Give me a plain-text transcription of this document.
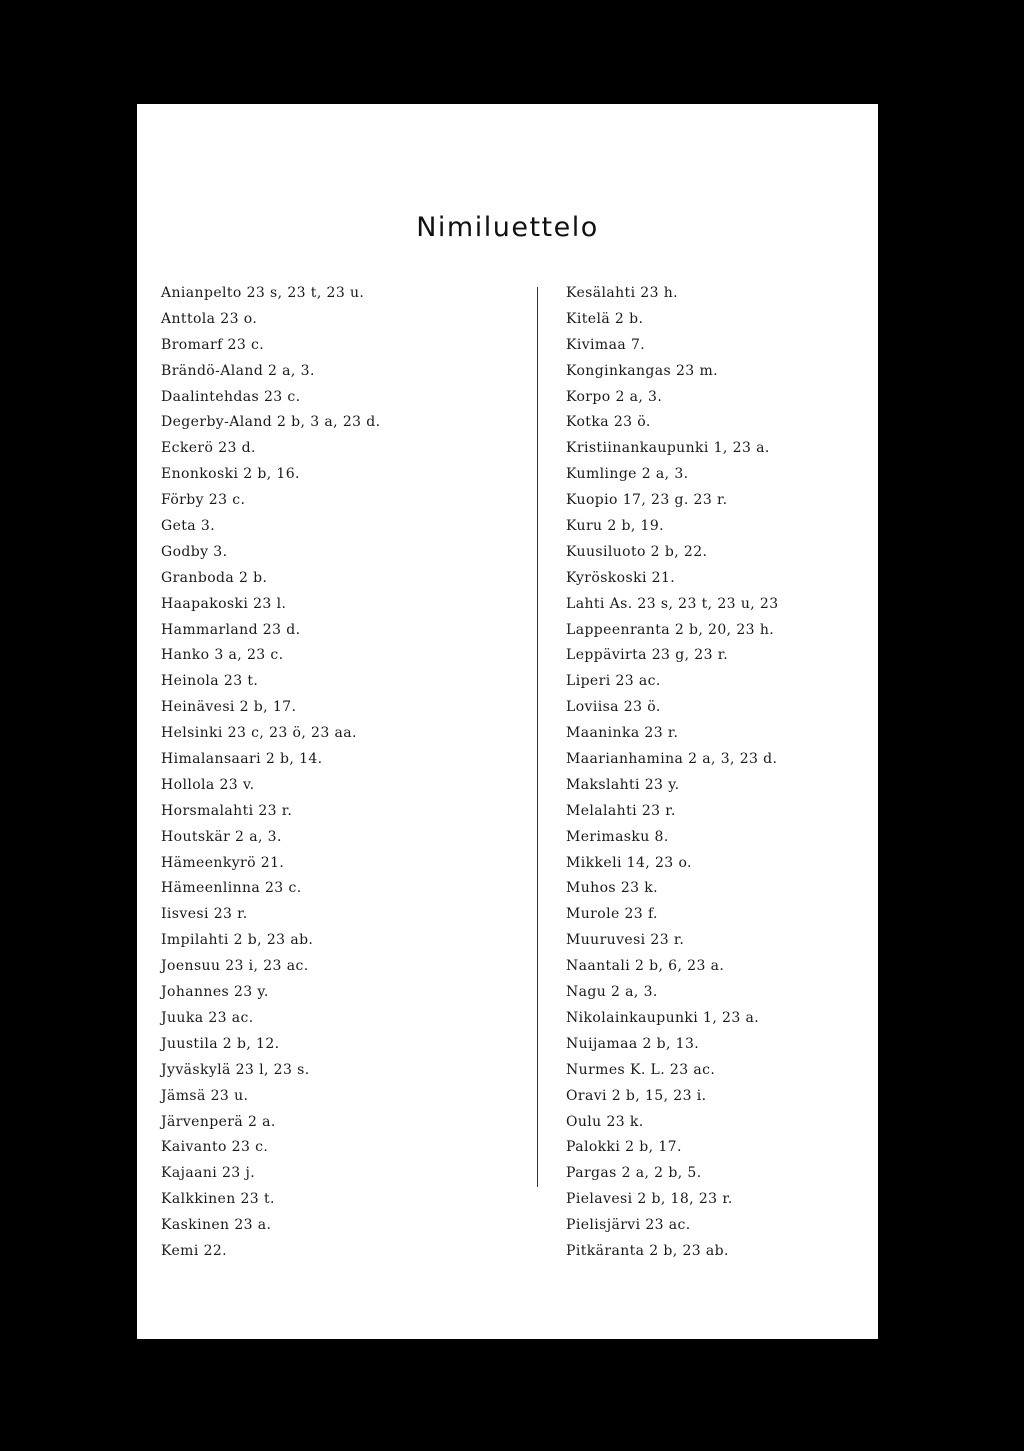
Nimiluettelo
Anianpelto 23 s, 23 t, 23 u.
Anttola 23 o.
Bromarf 23 c.
Brändö-Aland 2 a, 3.
Daalintehdas 23 c.
Degerby-Aland 2 b, 3 a, 23 d.
Eckerö 23 d.
Enonkoski 2 b, 16.
Förby 23 c.
Geta 3.
Godby 3.
Granboda 2 b.
Haapakoski 23 l.
Hammarland 23 d.
Hanko 3 a, 23 c.
Heinola 23 t.
Heinävesi 2 b, 17.
Helsinki 23 c, 23 ö, 23 aa.
Himalansaari 2 b, 14.
Hollola 23 v.
Horsmalahti 23 r.
Houtskär 2 a, 3.
Hämeenkyrö 21.
Hämeenlinna 23 c.
Iisvesi 23 r.
Impilahti 2 b, 23 ab.
Joensuu 23 i, 23 ac.
Johannes 23 y.
Juuka 23 ac.
Juustila 2 b, 12.
Jyväskylä 23 l, 23 s.
Jämsä 23 u.
Järvenperä 2 a.
Kaivanto 23 c.
Kajaani 23 j.
Kalkkinen 23 t.
Kaskinen 23 a.
Kemi 22.
Kesälahti 23 h.
Kitelä 2 b.
Kivimaa 7.
Konginkangas 23 m.
Korpo 2 a, 3.
Kotka 23 ö.
Kristiinankaupunki 1, 23 a.
Kumlinge 2 a, 3.
Kuopio 17, 23 g. 23 r.
Kuru 2 b, 19.
Kuusiluoto 2 b, 22.
Kyröskoski 21.
Lahti As. 23 s, 23 t, 23 u, 23
Lappeenranta 2 b, 20, 23 h.
Leppävirta 23 g, 23 r.
Liperi 23 ac.
Loviisa 23 ö.
Maaninka 23 r.
Maarianhamina 2 a, 3, 23 d.
Makslahti 23 y.
Melalahti 23 r.
Merimasku 8.
Mikkeli 14, 23 o.
Muhos 23 k.
Murole 23 f.
Muuruvesi 23 r.
Naantali 2 b, 6, 23 a.
Nagu 2 a, 3.
Nikolainkaupunki 1, 23 a.
Nuijamaa 2 b, 13.
Nurmes K. L. 23 ac.
Oravi 2 b, 15, 23 i.
Oulu 23 k.
Palokki 2 b, 17.
Pargas 2 a, 2 b, 5.
Pielavesi 2 b, 18, 23 r.
Pielisjärvi 23 ac.
Pitkäranta 2 b, 23 ab.
